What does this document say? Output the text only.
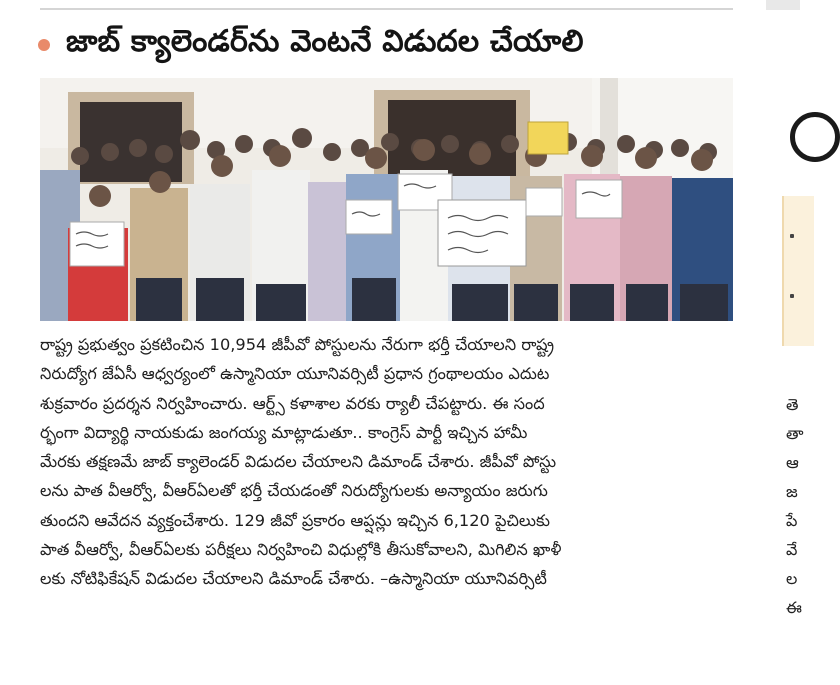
జాబ్ క్యాలెండర్‌ను వెంటనే విడుదల చేయాలి
రాష్ట్ర ప్రభుత్వం ప్రకటించిన 10,954 జీపీవో పోస్టులను నేరుగా భర్తీ చేయాలని రాష్ట్ర
నిరుద్యోగ జేఏసీ ఆధ్వర్యంలో ఉస్మానియా యూనివర్సిటీ ప్రధాన గ్రంథాలయం ఎదుట
శుక్రవారం ప్రదర్శన నిర్వహించారు. ఆర్ట్స్ కళాశాల వరకు ర్యాలీ చేపట్టారు. ఈ సంద
ర్భంగా విద్యార్థి నాయకుడు జంగయ్య మాట్లాడుతూ.. కాంగ్రెస్ పార్టీ ఇచ్చిన హామీ
మేరకు తక్షణమే జాబ్ క్యాలెండర్ విడుదల చేయాలని డిమాండ్ చేశారు. జీపీవో పోస్టు
లను పాత వీఆర్వో, వీఆర్ఏలతో భర్తీ చేయడంతో నిరుద్యోగులకు అన్యాయం జరుగు
తుందని ఆవేదన వ్యక్తంచేశారు. 129 జీవో ప్రకారం ఆప్షన్లు ఇచ్చిన 6,120 పైచిలుకు
పాత వీఆర్వో, వీఆర్ఏలకు పరీక్షలు నిర్వహించి విధుల్లోకి తీసుకోవాలని, మిగిలిన ఖాళీ
లకు నోటిఫికేషన్ విడుదల చేయాలని డిమాండ్ చేశారు. –ఉస్మానియా యూనివర్సిటీ
తె
తా
ఆ
జ
పే
వే
ల
ఈ
